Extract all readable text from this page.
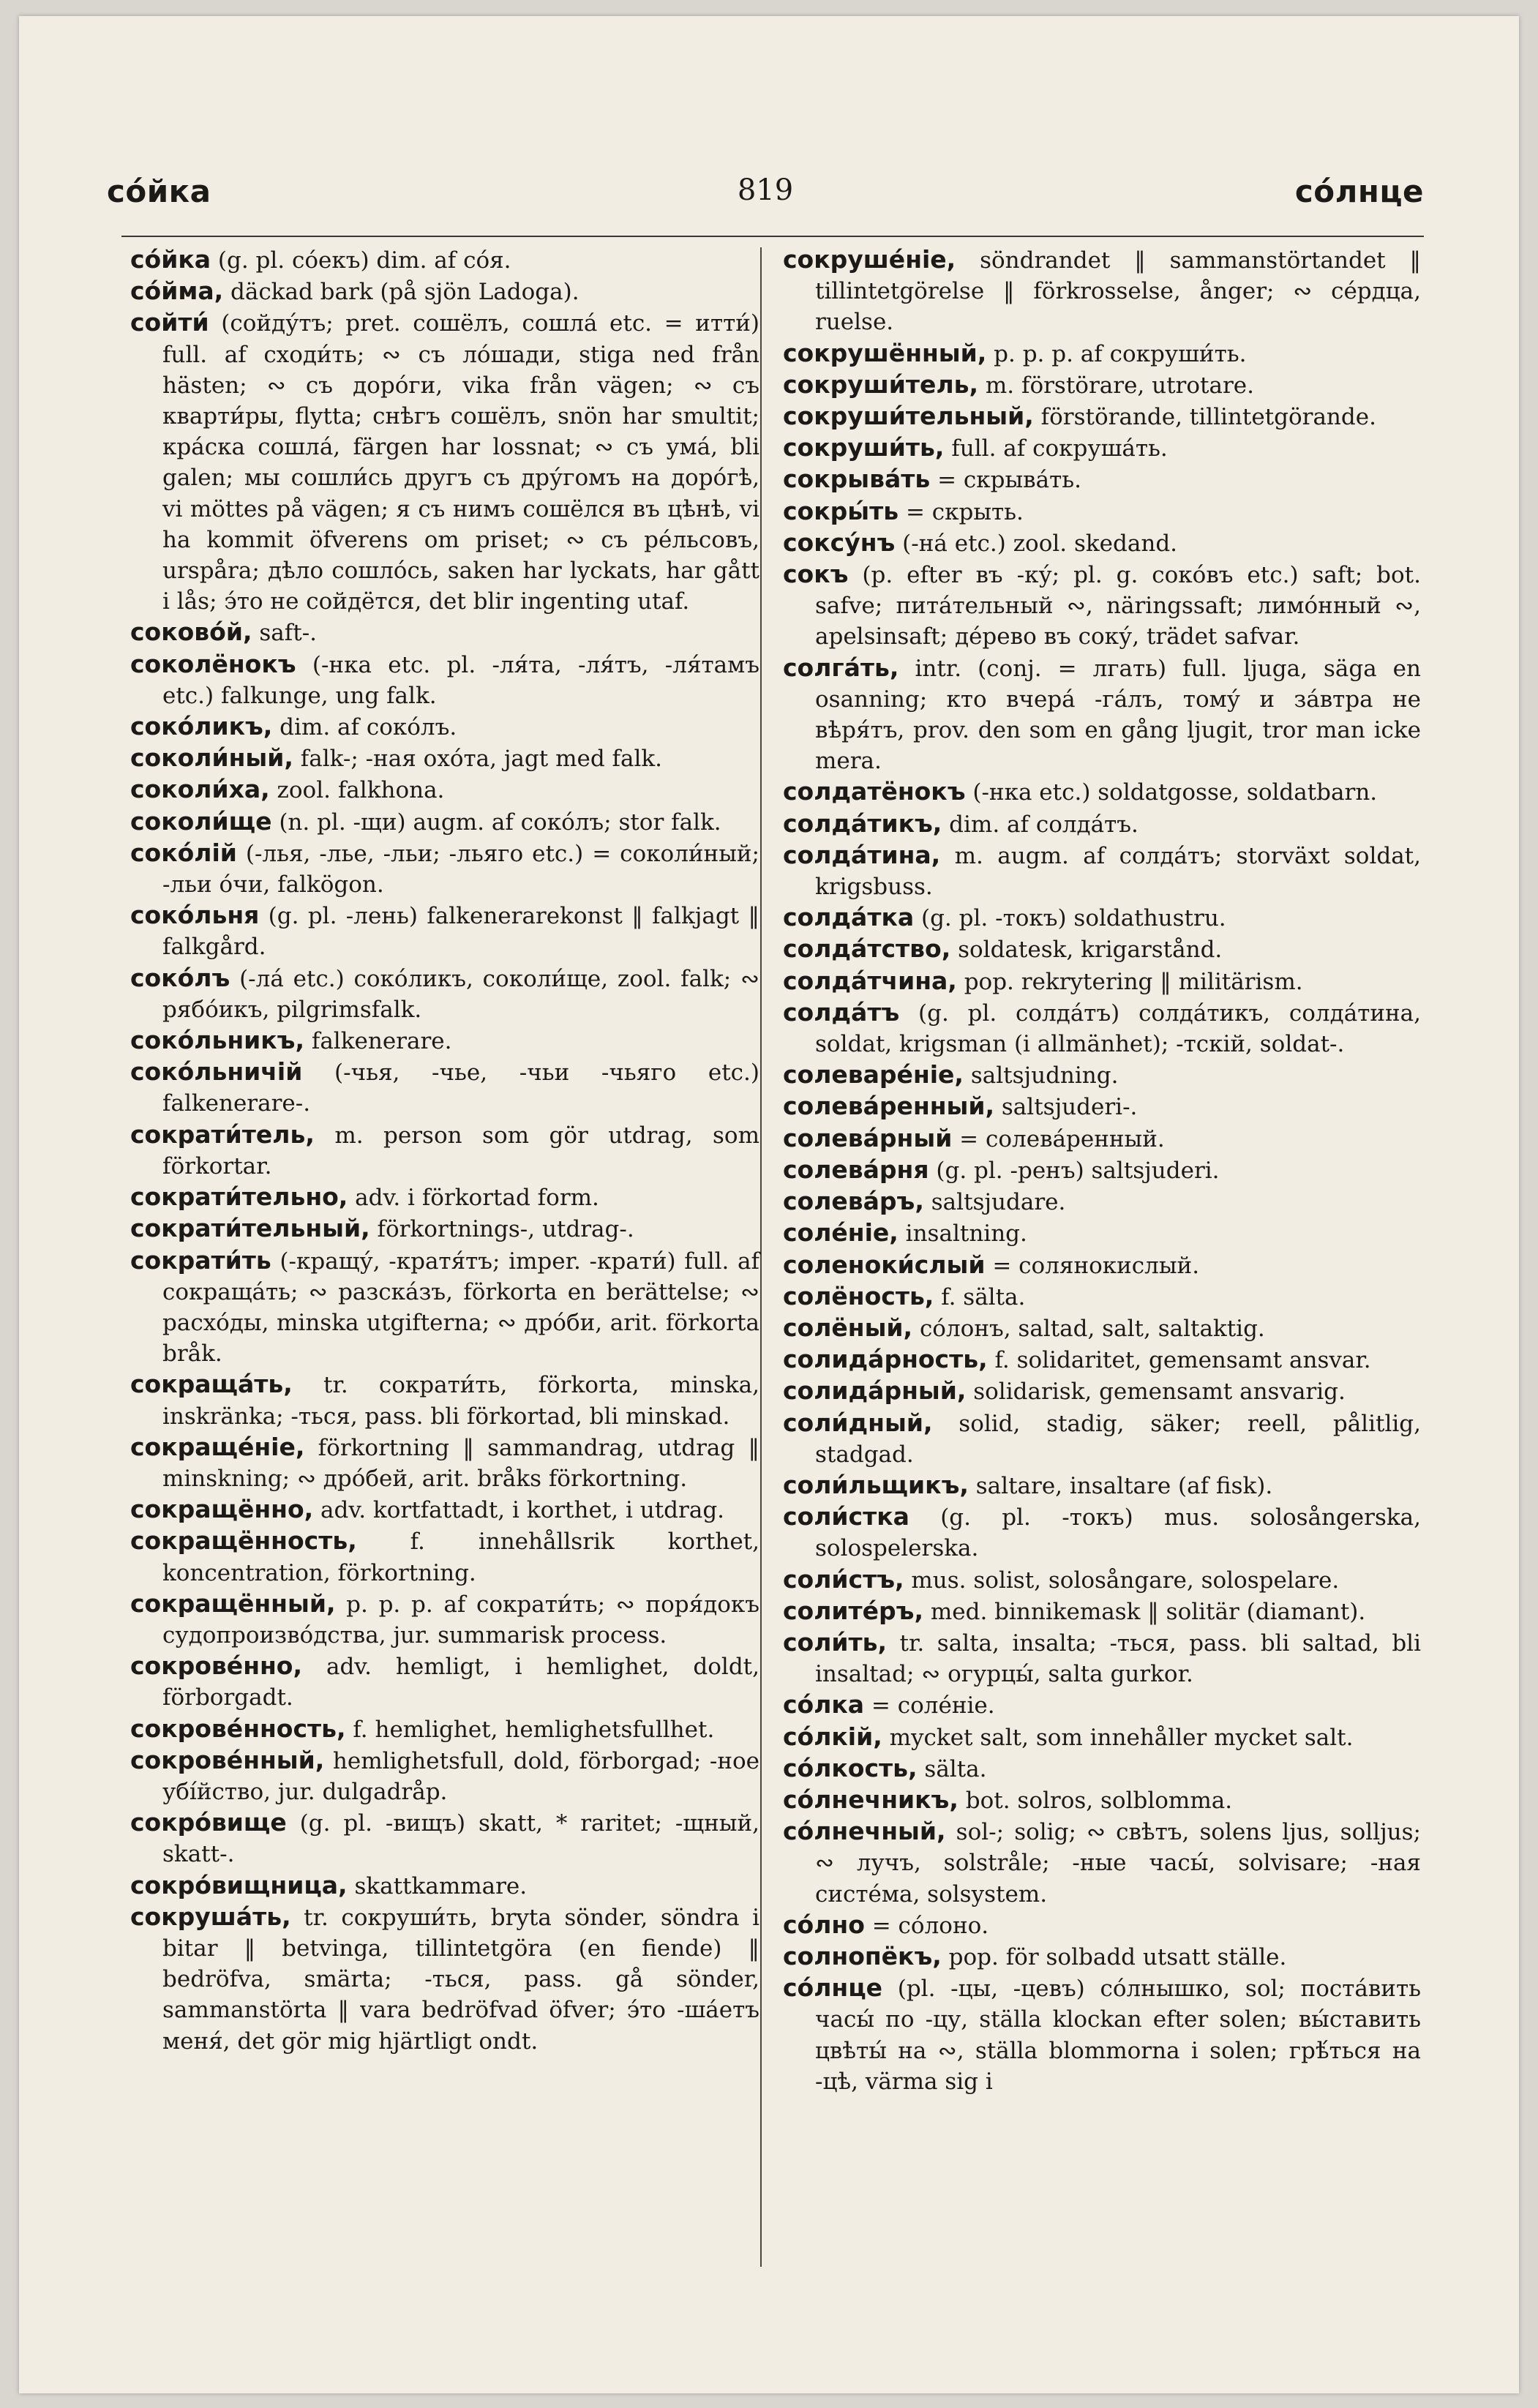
со́йка	819	со́лнце

со́йка (g. pl. со́екъ) dim. af со́я.

со́йма, däckad bark (på sjön Ladoga).

сойти́ (сойду́тъ; pret. сошёлъ, сошла́ etc. = итти́) full. af сходи́ть; ∾ съ ло́шади, stiga ned från hästen; ∾ съ доро́ги, vika från vägen; ∾ съ кварти́ры, flytta; снѣгъ сошёлъ, snön har smultit; кра́ска сошла́, färgen har lossnat; ∾ съ ума́, bli galen; мы сошли́сь другъ съ дру́гомъ на доро́гѣ, vi möttes på vägen; я съ нимъ сошёлся въ цѣнѣ, vi ha kommit öfverens om priset; ∾ съ ре́льсовъ, urspåra; дѣло сошло́сь, saken har lyckats, har gått i lås; э́то не сойдётся, det blir ingenting utaf.

соково́й, saft-.

соколёнокъ (-нка etc. pl. -ля́та, -ля́тъ, -ля́тамъ etc.) falkunge, ung falk.

соко́ликъ, dim. af соко́лъ.

соколи́ный, falk-; -ная охо́та, jagt med falk.

соколи́ха, zool. falkhona.

соколи́ще (n. pl. -щи) augm. af соко́лъ; stor falk.

соко́лій (-лья, -лье, -льи; -льяго etc.) = соколи́ный; -льи о́чи, falkögon.

соко́льня (g. pl. -лень) falkenerarekonst ‖ falkjagt ‖ falkgård.

соко́лъ (-ла́ etc.) соко́ликъ, соколи́ще, zool. falk; ∾ рябо́икъ, pilgrimsfalk.

соко́льникъ, falkenerare.

соко́льничій (-чья, -чье, -чьи -чьяго etc.) falkenerare-.

сократи́тель, m. person som gör utdrag, som förkortar.

сократи́тельно, adv. i förkortad form.

сократи́тельный, förkortnings-, utdrag-.

сократи́ть (-кращу́, -кратя́тъ; imper. -крати́) full. af сокраща́ть; ∾ разска́зъ, förkorta en berättelse; ∾ расхо́ды, minska utgifterna; ∾ дро́би, arit. förkorta bråk.

сокраща́ть, tr. сократи́ть, förkorta, minska, inskränka; -ться, pass. bli förkortad, bli minskad.

сокраще́ніе, förkortning ‖ sammandrag, utdrag ‖ minskning; ∾ дро́бей, arit. bråks förkortning.

сокращённо, adv. kortfattadt, i korthet, i utdrag.

сокращённость, f. innehållsrik korthet, koncentration, förkortning.

сокращённый, p. p. p. af сократи́ть; ∾ поря́докъ судопроизво́дства, jur. summarisk process.

сокрове́нно, adv. hemligt, i hemlighet, doldt, förborgadt.

сокрове́нность, f. hemlighet, hemlighetsfullhet.

сокрове́нный, hemlighetsfull, dold, förborgad; -ное убі́йство, jur. dulgadråp.

сокро́вище (g. pl. -вищъ) skatt, * raritet; -щный, skatt-.

сокро́вищница, skattkammare.

сокруша́ть, tr. сокруши́ть, bryta sönder, söndra i bitar ‖ betvinga, tillintetgöra (en fiende) ‖ bedröfva, smärta; -ться, pass. gå sönder, sammanstörta ‖ vara bedröfvad öfver; э́то -ша́етъ меня́, det gör mig hjärtligt ondt.

сокруше́ніе, söndrandet ‖ sammanstörtandet ‖ tillintetgörelse ‖ förkrosselse, ånger; ∾ се́рдца, ruelse.

сокрушённый, p. p. p. af сокруши́ть.

сокруши́тель, m. förstörare, utrotare.

сокруши́тельный, förstörande, tillintetgörande.

сокруши́ть, full. af сокруша́ть.

сокрыва́ть = скрыва́ть.

сокры́ть = скрыть.

соксу́нъ (-на́ etc.) zool. skedand.

сокъ (p. efter въ -ку́; pl. g. соко́въ etc.) saft; bot. safve; пита́тельный ∾, näringssaft; лимо́нный ∾, apelsinsaft; де́рево въ соку́, trädet safvar.

солга́ть, intr. (conj. = лгать) full. ljuga, säga en osanning; кто вчера́ -га́лъ, тому́ и за́втра не вѣря́тъ, prov. den som en gång ljugit, tror man icke mera.

солдатёнокъ (-нка etc.) soldatgosse, soldatbarn.

солда́тикъ, dim. af солда́тъ.

солда́тина, m. augm. af солда́тъ; storväxt soldat, krigsbuss.

солда́тка (g. pl. -токъ) soldathustru.

солда́тство, soldatesk, krigarstånd.

солда́тчина, pop. rekrytering ‖ militärism.

солда́тъ (g. pl. солда́тъ) солда́тикъ, солда́тина, soldat, krigsman (i allmänhet); -тскій, soldat-.

солеваре́ніе, saltsjudning.

солева́ренный, saltsjuderi-.

солева́рный = солева́ренный.

солева́рня (g. pl. -ренъ) saltsjuderi.

солева́ръ, saltsjudare.

соле́ніе, insaltning.

соленоки́слый = солянокислый.

солёность, f. sälta.

солёный, со́лонъ, saltad, salt, saltaktig.

солида́рность, f. solidaritet, gemensamt ansvar.

солида́рный, solidarisk, gemensamt ansvarig.

соли́дный, solid, stadig, säker; reell, pålitlig, stadgad.

соли́льщикъ, saltare, insaltare (af fisk).

соли́стка (g. pl. -токъ) mus. solosångerska, solospelerska.

соли́стъ, mus. solist, solosångare, solospelare.

солите́ръ, med. binnikemask ‖ solitär (diamant).

соли́ть, tr. salta, insalta; -ться, pass. bli saltad, bli insaltad; ∾ огурцы́, salta gurkor.

со́лка = соле́ніе.

со́лкій, mycket salt, som innehåller mycket salt.

со́лкость, sälta.

со́лнечникъ, bot. solros, solblomma.

со́лнечный, sol-; solig; ∾ свѣтъ, solens ljus, solljus; ∾ лучъ, solstråle; -ные часы́, solvisare; -ная систе́ма, solsystem.

со́лно = со́лоно.

солнопёкъ, pop. för solbadd utsatt ställe.

со́лнце (pl. -цы, -цевъ) со́лнышко, sol; поста́вить часы́ по -цу, ställa klockan efter solen; вы́ставить цвѣты́ на ∾, ställa blommorna i solen; грѣ́ться на -цѣ, värma sig i
